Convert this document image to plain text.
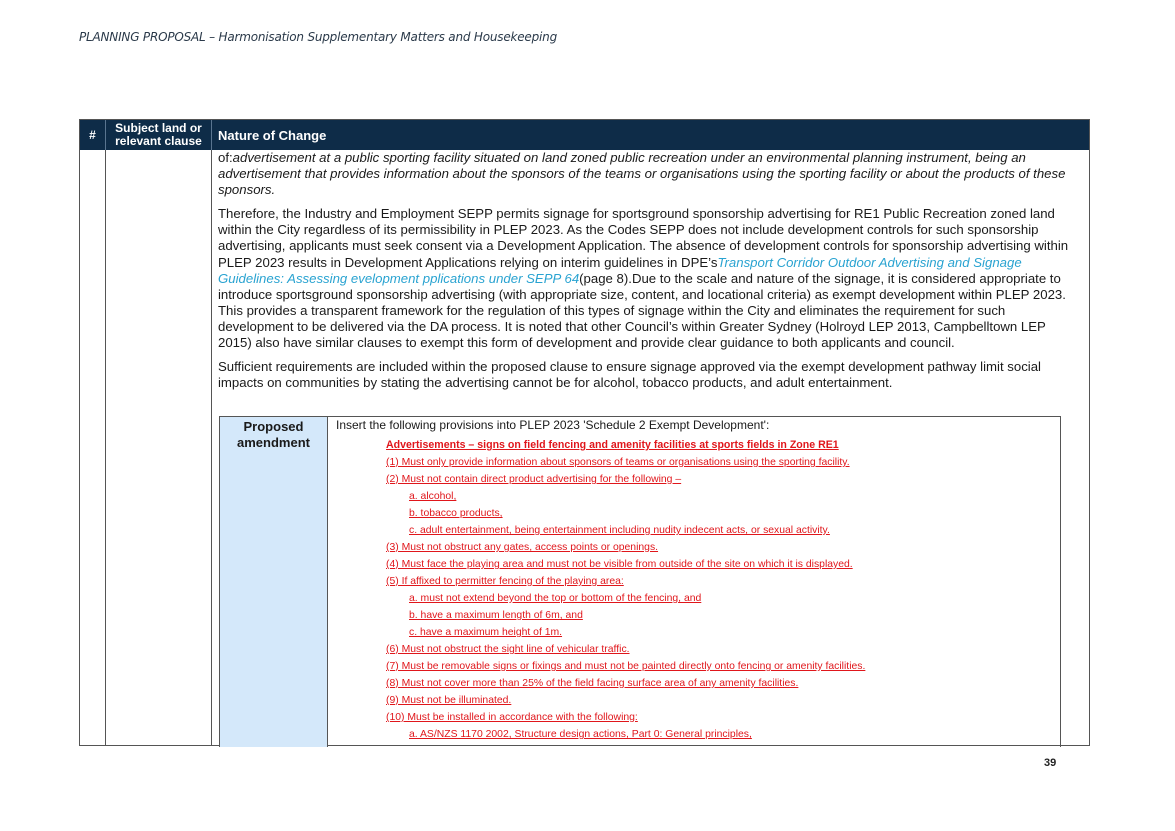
PLANNING PROPOSAL – Harmonisation Supplementary Matters and Housekeeping
#	Subject land or relevant clause	Nature of Change

of:advertisement at a public sporting facility situated on land zoned public recreation under an environmental planning instrument, being an advertisement that provides information about the sponsors of the teams or organisations using the sporting facility or about the products of these sponsors.

Therefore, the Industry and Employment SEPP permits signage for sportsground sponsorship advertising for RE1 Public Recreation zoned land within the City regardless of its permissibility in PLEP 2023. As the Codes SEPP does not include development controls for such sponsorship advertising, applicants must seek consent via a Development Application. The absence of development controls for sponsorship advertising within PLEP 2023 results in Development Applications relying on interim guidelines in DPE’sTransport Corridor Outdoor Advertising and Signage Guidelines: Assessing evelopment pplications under SEPP 64(page 8).Due to the scale and nature of the signage, it is considered appropriate to introduce sportsground sponsorship advertising (with appropriate size, content, and locational criteria) as exempt development within PLEP 2023. This provides a transparent framework for the regulation of this types of signage within the City and eliminates the requirement for such development to be delivered via the DA process. It is noted that other Council’s within Greater Sydney (Holroyd LEP 2013, Campbelltown LEP 2015) also have similar clauses to exempt this form of development and provide clear guidance to both applicants and council.

Sufficient requirements are included within the proposed clause to ensure signage approved via the exempt development pathway limit social impacts on communities by stating the advertising cannot be for alcohol, tobacco products, and adult entertainment.

Proposed amendment
Insert the following provisions into PLEP 2023 'Schedule 2 Exempt Development':
Advertisements – signs on field fencing and amenity facilities at sports fields in Zone RE1
(1) Must only provide information about sponsors of teams or organisations using the sporting facility.
(2) Must not contain direct product advertising for the following –
a. alcohol,
b. tobacco products,
c. adult entertainment, being entertainment including nudity indecent acts, or sexual activity.
(3) Must not obstruct any gates, access points or openings.
(4) Must face the playing area and must not be visible from outside of the site on which it is displayed.
(5) If affixed to permitter fencing of the playing area:
a. must not extend beyond the top or bottom of the fencing, and
b. have a maximum length of 6m, and
c. have a maximum height of 1m.
(6) Must not obstruct the sight line of vehicular traffic.
(7) Must be removable signs or fixings and must not be painted directly onto fencing or amenity facilities.
(8) Must not cover more than 25% of the field facing surface area of any amenity facilities.
(9) Must not be illuminated.
(10) Must be installed in accordance with the following:
a. AS/NZS 1170 2002, Structure design actions, Part 0: General principles,
39
